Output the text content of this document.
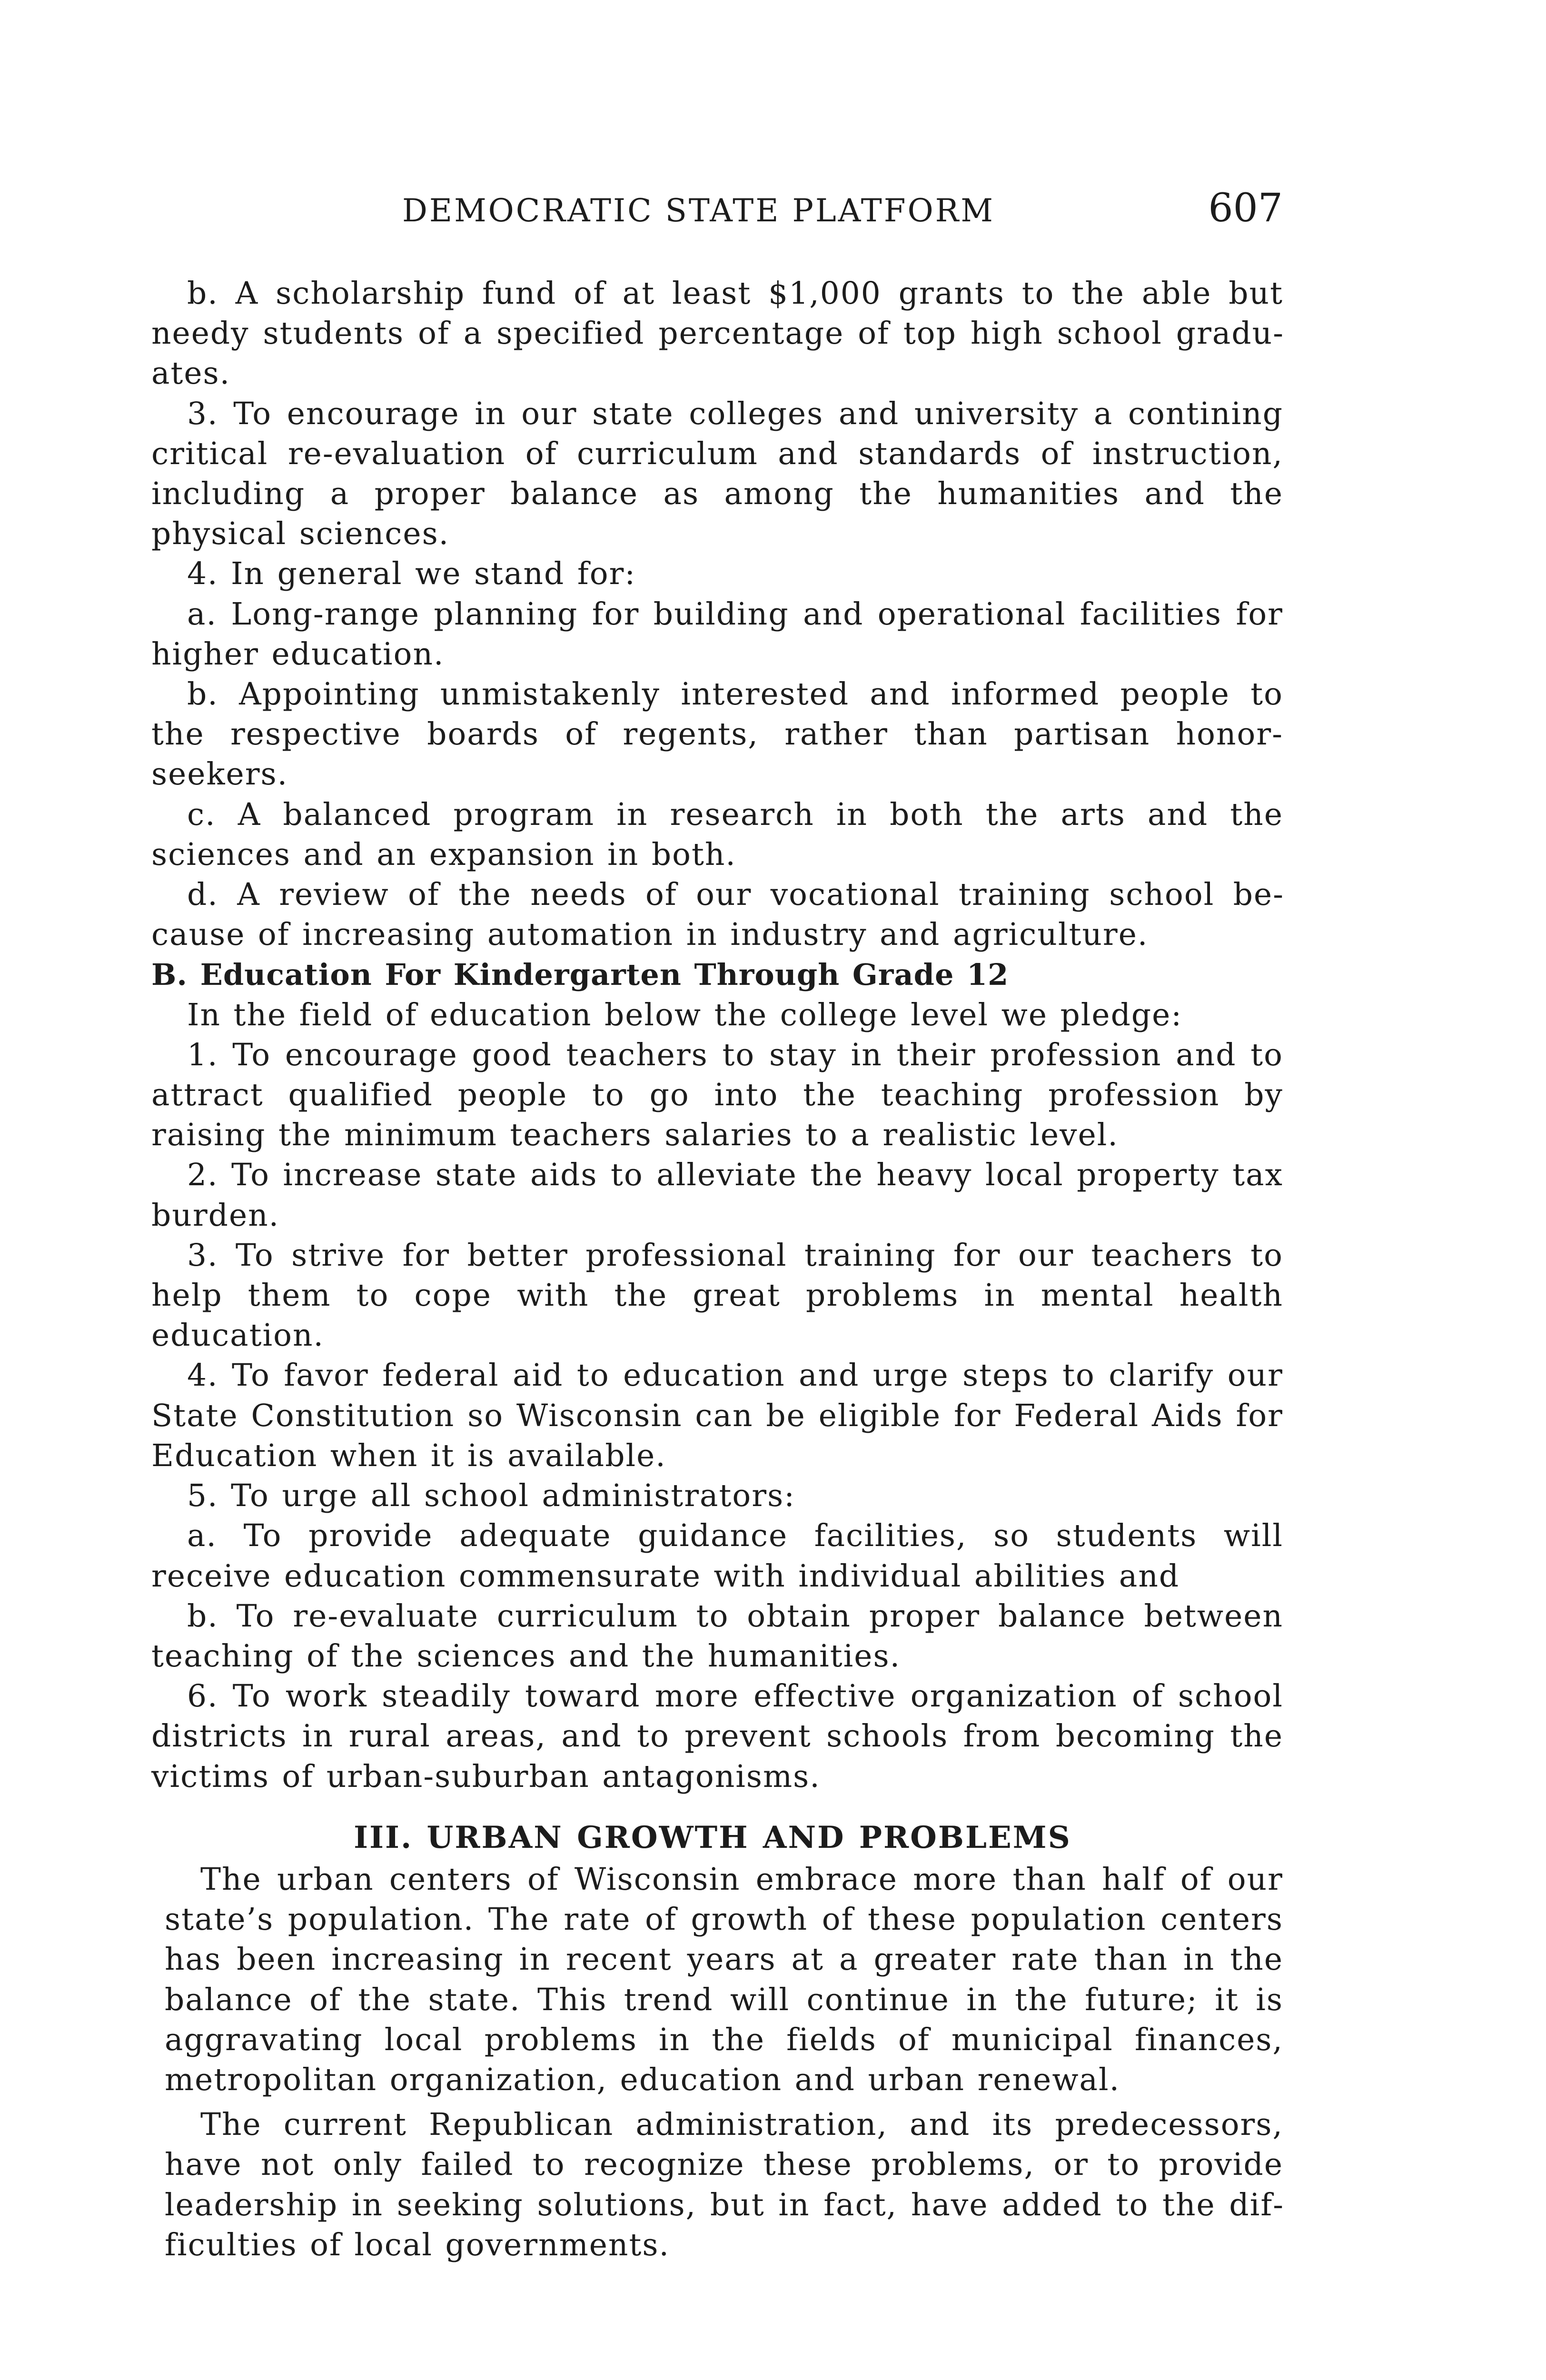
DEMOCRATIC STATE PLATFORM	607

b. A scholarship fund of at least $1,000 grants to the able but needy students of a specified percentage of top high school graduates.

3. To encourage in our state colleges and university a contining critical re-evaluation of curriculum and standards of instruction, including a proper balance as among the humanities and the physical sciences.

4. In general we stand for:

a. Long-range planning for building and operational facilities for higher education.

b. Appointing unmistakenly interested and informed people to the respective boards of regents, rather than partisan honor-seekers.

c. A balanced program in research in both the arts and the sciences and an expansion in both.

d. A review of the needs of our vocational training school because of increasing automation in industry and agriculture.

B. Education For Kindergarten Through Grade 12

In the field of education below the college level we pledge:

1. To encourage good teachers to stay in their profession and to attract qualified people to go into the teaching profession by raising the minimum teachers salaries to a realistic level.

2. To increase state aids to alleviate the heavy local property tax burden.

3. To strive for better professional training for our teachers to help them to cope with the great problems in mental health education.

4. To favor federal aid to education and urge steps to clarify our State Constitution so Wisconsin can be eligible for Federal Aids for Education when it is available.

5. To urge all school administrators:

a. To provide adequate guidance facilities, so students will receive education commensurate with individual abilities and

b. To re-evaluate curriculum to obtain proper balance between teaching of the sciences and the humanities.

6. To work steadily toward more effective organization of school districts in rural areas, and to prevent schools from becoming the victims of urban-suburban antagonisms.

III. URBAN GROWTH AND PROBLEMS

The urban centers of Wisconsin embrace more than half of our state’s population. The rate of growth of these population centers has been increasing in recent years at a greater rate than in the balance of the state. This trend will continue in the future; it is aggravating local problems in the fields of municipal finances, metropolitan organization, education and urban renewal.

The current Republican administration, and its predecessors, have not only failed to recognize these problems, or to provide leadership in seeking solutions, but in fact, have added to the difficulties of local governments.
